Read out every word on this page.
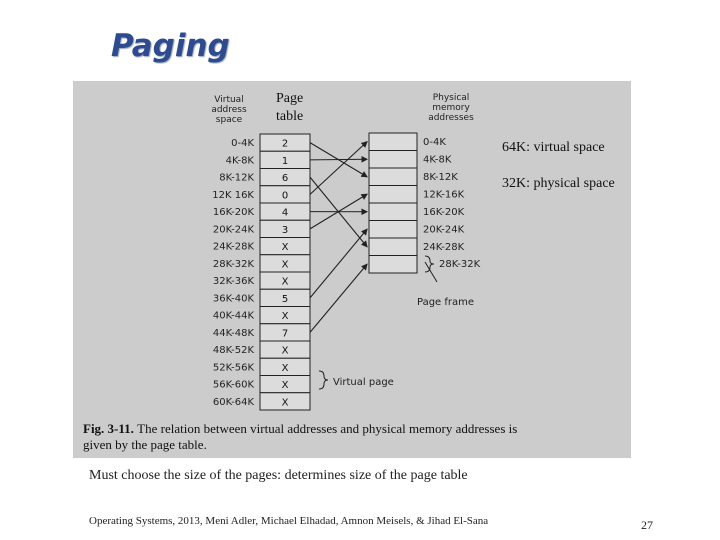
Paging
Virtual
address
space
Page
table
Physical
memory
addresses
0-4K
4K-8K
8K-12K
12K 16K
16K-20K
20K-24K
24K-28K
28K-32K
32K-36K
36K-40K
40K-44K
44K-48K
48K-52K
52K-56K
56K-60K
60K-64K
2
1
6
0
4
3
X
X
X
5
X
7
X
X
X
X
0-4K
4K-8K
8K-12K
12K-16K
16K-20K
20K-24K
24K-28K
28K-32K
Page frame
Virtual page
64K: virtual space
32K: physical space
Fig. 3-11. The relation between virtual addresses and physical memory addresses is
given by the page table.
Must choose the size of the pages: determines size of the page table
Operating Systems, 2013, Meni Adler, Michael Elhadad, Amnon Meisels, & Jihad El-Sana	27
